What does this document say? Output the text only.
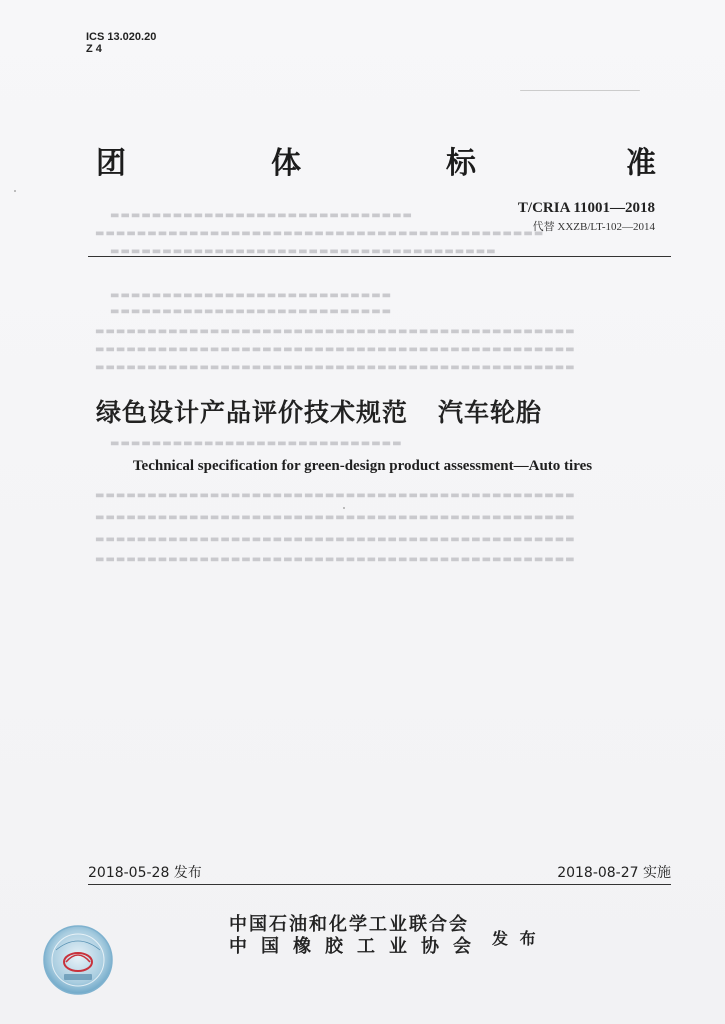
ICS 13.020.20
Z 4
▬▬▬▬▬▬▬▬▬▬▬▬▬▬▬▬▬▬▬▬▬▬▬▬▬▬▬▬▬
▬▬▬▬▬▬▬▬▬▬▬▬▬▬▬▬▬▬▬▬▬▬▬▬▬▬▬▬▬▬▬▬▬▬▬▬▬▬▬▬▬▬▬
▬▬▬▬▬▬▬▬▬▬▬▬▬▬▬▬▬▬▬▬▬▬▬▬▬▬▬▬▬▬▬▬▬▬▬▬▬
▬▬▬▬▬▬▬▬▬▬▬▬▬▬▬▬▬▬▬▬▬▬▬▬▬▬▬
▬▬▬▬▬▬▬▬▬▬▬▬▬▬▬▬▬▬▬▬▬▬▬▬▬▬▬
▬▬▬▬▬▬▬▬▬▬▬▬▬▬▬▬▬▬▬▬▬▬▬▬▬▬▬▬▬▬▬▬▬▬▬▬▬▬▬▬▬▬▬▬▬▬
▬▬▬▬▬▬▬▬▬▬▬▬▬▬▬▬▬▬▬▬▬▬▬▬▬▬▬▬▬▬▬▬▬▬▬▬▬▬▬▬▬▬▬▬▬▬
▬▬▬▬▬▬▬▬▬▬▬▬▬▬▬▬▬▬▬▬▬▬▬▬▬▬▬▬▬▬▬▬▬▬▬▬▬▬▬▬▬▬▬▬▬▬
▬▬▬▬▬▬▬▬▬▬▬▬▬▬▬▬▬▬▬▬▬▬▬▬▬▬▬▬
▬▬▬▬▬▬▬▬▬▬▬▬▬▬▬▬▬▬▬▬▬▬▬▬▬▬▬▬▬▬▬▬▬▬▬▬▬▬▬▬▬▬▬▬▬▬
▬▬▬▬▬▬▬▬▬▬▬▬▬▬▬▬▬▬▬▬▬▬▬▬▬▬▬▬▬▬▬▬▬▬▬▬▬▬▬▬▬▬▬▬▬▬
▬▬▬▬▬▬▬▬▬▬▬▬▬▬▬▬▬▬▬▬▬▬▬▬▬▬▬▬▬▬▬▬▬▬▬▬▬▬▬▬▬▬▬▬▬▬
▬▬▬▬▬▬▬▬▬▬▬▬▬▬▬▬▬▬▬▬▬▬▬▬▬▬▬▬▬▬▬▬▬▬▬▬▬▬▬▬▬▬▬▬▬▬
团	体	标	准
T/CRIA 11001—2018
代替 XXZB/LT-102—2014
绿色设计产品评价技术规范 汽车轮胎
Technical specification for green-design product assessment—Auto tires
2018-05-28 发布	2018-08-27 实施
中国石油和化学工业联合会
中国橡胶工业协会 发 布
